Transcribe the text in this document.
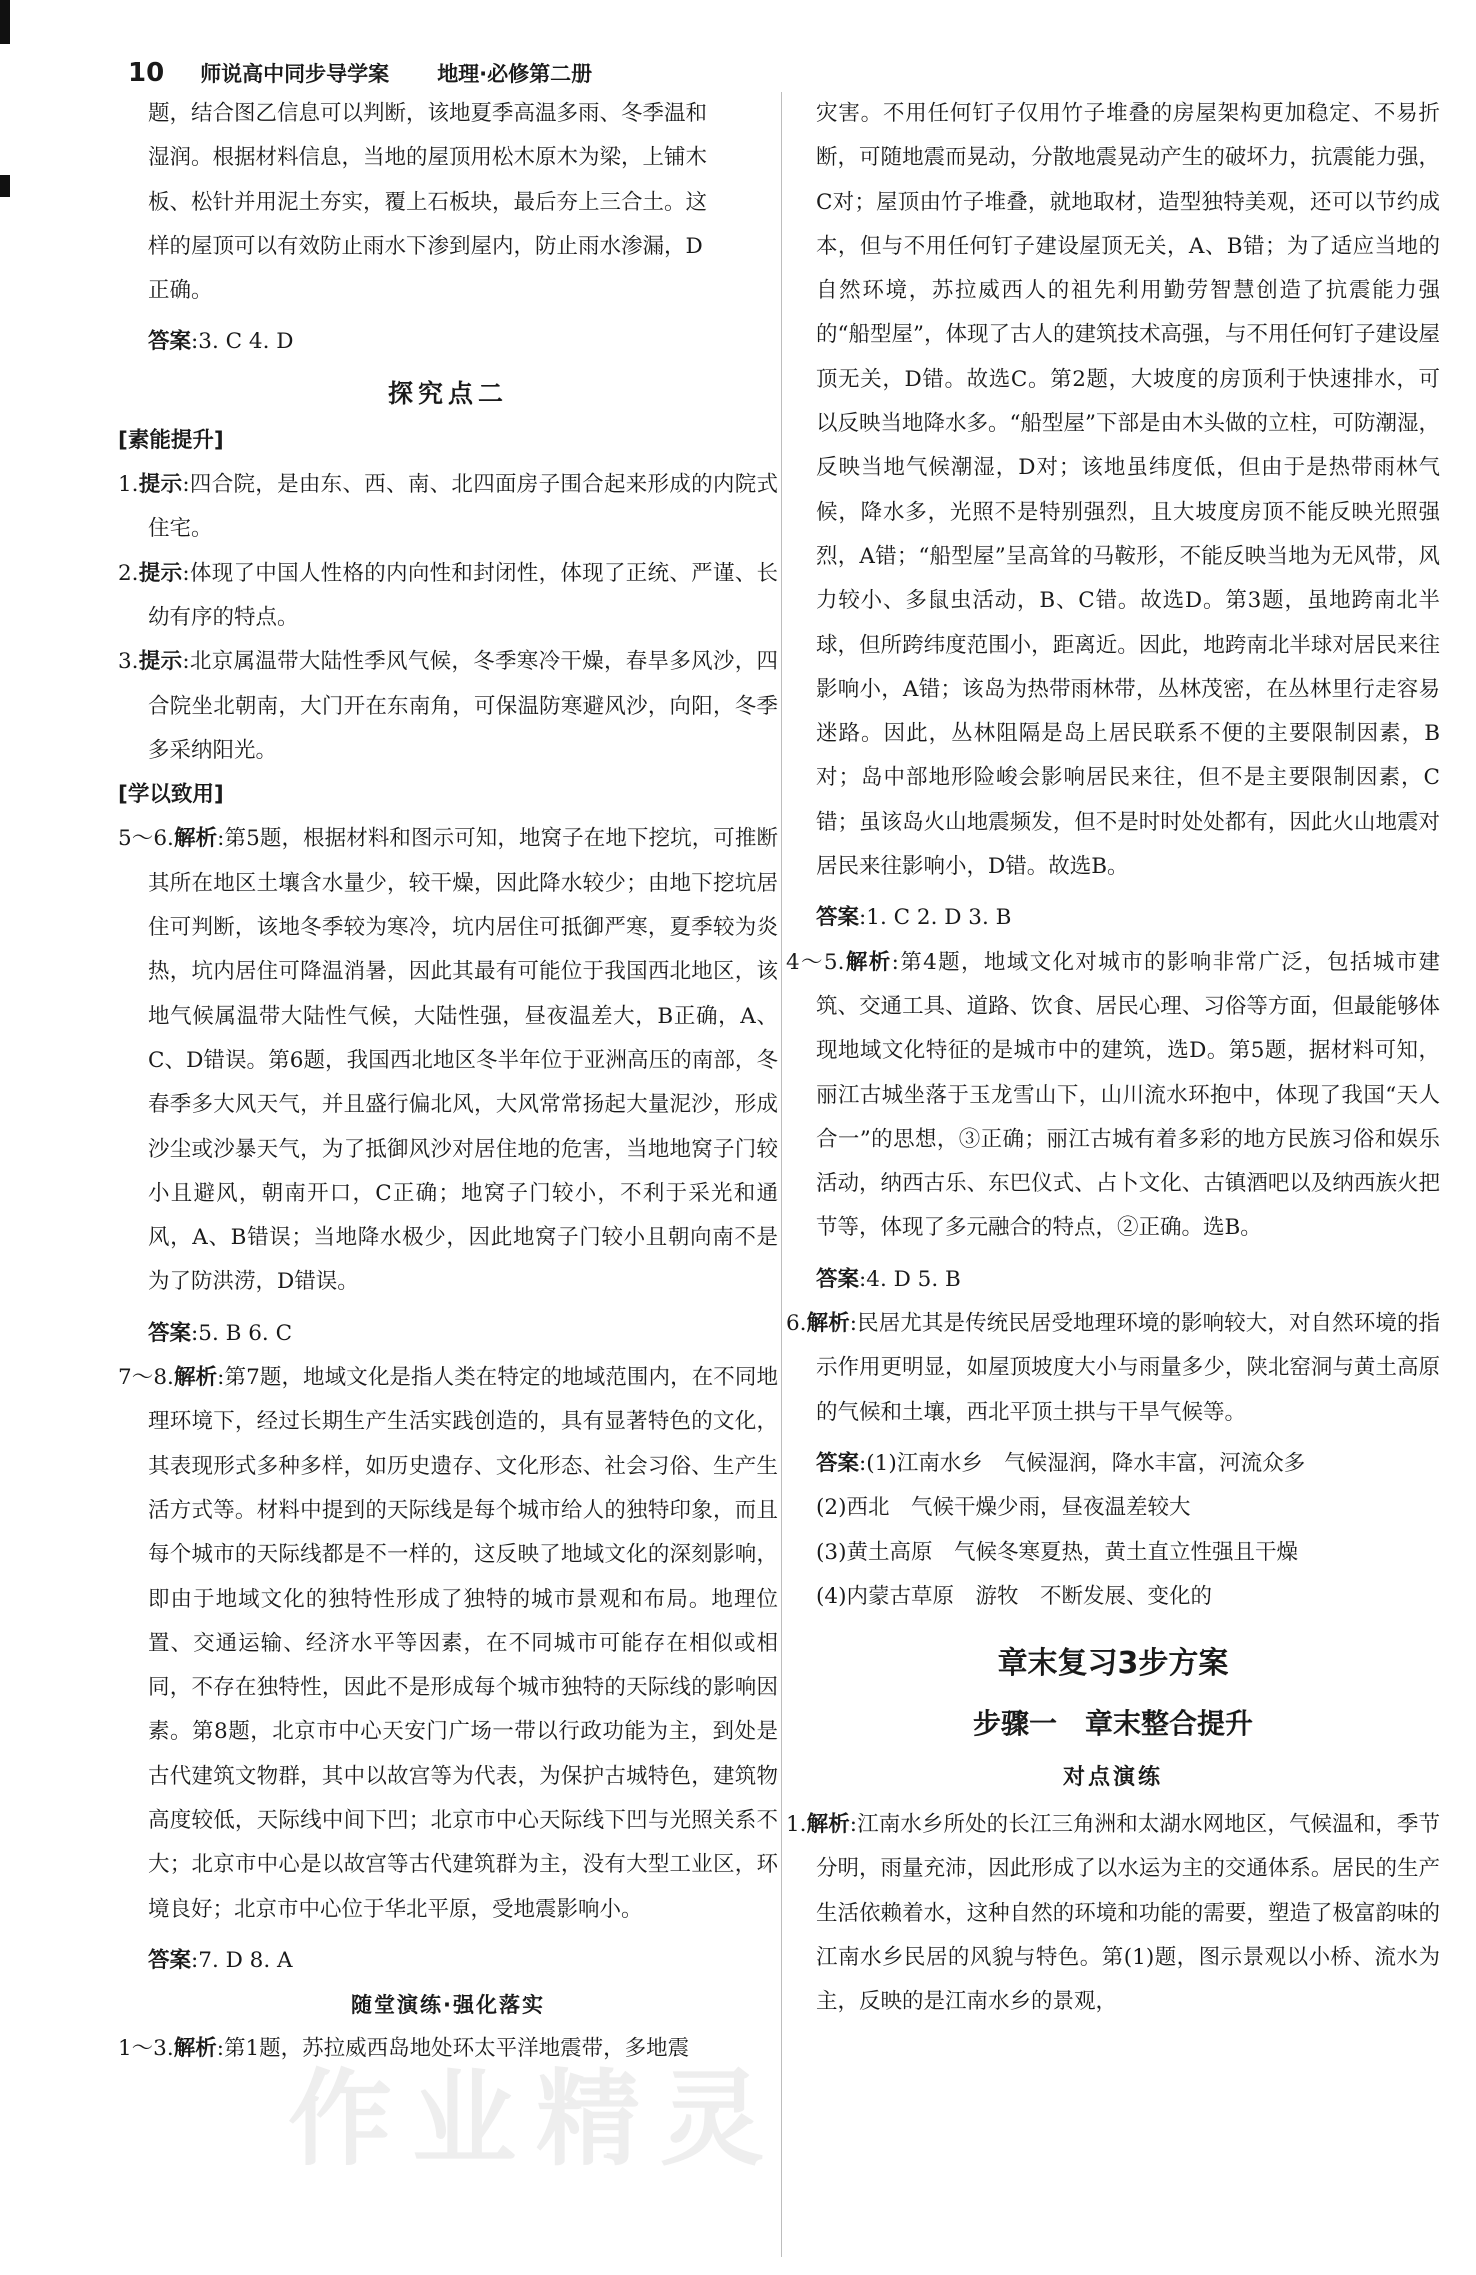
10 师说高中同步导学案 地理·必修第二册

题，结合图乙信息可以判断，该地夏季高温多雨、冬季温和

湿润。根据材料信息，当地的屋顶用松木原木为梁，上铺木

板、松针并用泥土夯实，覆上石板块，最后夯上三合土。这

样的屋顶可以有效防止雨水下渗到屋内，防止雨水渗漏，D

正确。

答案:3. C 4. D

探究点二
[素能提升]

1.提示:四合院，是由东、西、南、北四面房子围合起来形成的内院式住宅。

2.提示:体现了中国人性格的内向性和封闭性，体现了正统、严谨、长幼有序的特点。

3.提示:北京属温带大陆性季风气候，冬季寒冷干燥，春旱多风沙，四合院坐北朝南，大门开在东南角，可保温防寒避风沙，向阳，冬季多采纳阳光。

[学以致用]

5～6.解析:第5题，根据材料和图示可知，地窝子在地下挖坑，可推断其所在地区土壤含水量少，较干燥，因此降水较少；由地下挖坑居住可判断，该地冬季较为寒冷，坑内居住可抵御严寒，夏季较为炎热，坑内居住可降温消暑，因此其最有可能位于我国西北地区，该地气候属温带大陆性气候，大陆性强，昼夜温差大，B正确，A、C、D错误。第6题，我国西北地区冬半年位于亚洲高压的南部，冬春季多大风天气，并且盛行偏北风，大风常常扬起大量泥沙，形成沙尘或沙暴天气，为了抵御风沙对居住地的危害，当地地窝子门较小且避风，朝南开口，C正确；地窝子门较小，不利于采光和通风，A、B错误；当地降水极少，因此地窝子门较小且朝向南不是为了防洪涝，D错误。

答案:5. B 6. C

7～8.解析:第7题，地域文化是指人类在特定的地域范围内，在不同地理环境下，经过长期生产生活实践创造的，具有显著特色的文化，其表现形式多种多样，如历史遗存、文化形态、社会习俗、生产生活方式等。材料中提到的天际线是每个城市给人的独特印象，而且每个城市的天际线都是不一样的，这反映了地域文化的深刻影响，即由于地域文化的独特性形成了独特的城市景观和布局。地理位置、交通运输、经济水平等因素，在不同城市可能存在相似或相同，不存在独特性，因此不是形成每个城市独特的天际线的影响因素。第8题，北京市中心天安门广场一带以行政功能为主，到处是古代建筑文物群，其中以故宫等为代表，为保护古城特色，建筑物高度较低，天际线中间下凹；北京市中心天际线下凹与光照关系不大；北京市中心是以故宫等古代建筑群为主，没有大型工业区，环境良好；北京市中心位于华北平原，受地震影响小。

答案:7. D 8. A

随堂演练·强化落实

1～3.解析:第1题，苏拉威西岛地处环太平洋地震带，多地震

灾害。不用任何钉子仅用竹子堆叠的房屋架构更加稳定、不易折断，可随地震而晃动，分散地震晃动产生的破坏力，抗震能力强，C对；屋顶由竹子堆叠，就地取材，造型独特美观，还可以节约成本，但与不用任何钉子建设屋顶无关，A、B错；为了适应当地的自然环境，苏拉威西人的祖先利用勤劳智慧创造了抗震能力强的“船型屋”，体现了古人的建筑技术高强，与不用任何钉子建设屋顶无关，D错。故选C。第2题，大坡度的房顶利于快速排水，可以反映当地降水多。“船型屋”下部是由木头做的立柱，可防潮湿，反映当地气候潮湿，D对；该地虽纬度低，但由于是热带雨林气候，降水多，光照不是特别强烈，且大坡度房顶不能反映光照强烈，A错；“船型屋”呈高耸的马鞍形，不能反映当地为无风带，风力较小、多鼠虫活动，B、C错。故选D。第3题，虽地跨南北半球，但所跨纬度范围小，距离近。因此，地跨南北半球对居民来往影响小，A错；该岛为热带雨林带，丛林茂密，在丛林里行走容易迷路。因此，丛林阻隔是岛上居民联系不便的主要限制因素，B对；岛中部地形险峻会影响居民来往，但不是主要限制因素，C错；虽该岛火山地震频发，但不是时时处处都有，因此火山地震对居民来往影响小，D错。故选B。

答案:1. C 2. D 3. B

4～5.解析:第4题，地域文化对城市的影响非常广泛，包括城市建筑、交通工具、道路、饮食、居民心理、习俗等方面，但最能够体现地域文化特征的是城市中的建筑，选D。第5题，据材料可知，丽江古城坐落于玉龙雪山下，山川流水环抱中，体现了我国“天人合一”的思想，③正确；丽江古城有着多彩的地方民族习俗和娱乐活动，纳西古乐、东巴仪式、占卜文化、古镇酒吧以及纳西族火把节等，体现了多元融合的特点，②正确。选B。

答案:4. D 5. B

6.解析:民居尤其是传统民居受地理环境的影响较大，对自然环境的指示作用更明显，如屋顶坡度大小与雨量多少，陕北窑洞与黄土高原的气候和土壤，西北平顶土拱与干旱气候等。

答案:(1)江南水乡　气候湿润，降水丰富，河流众多

(2)西北　气候干燥少雨，昼夜温差较大

(3)黄土高原　气候冬寒夏热，黄土直立性强且干燥

(4)内蒙古草原　游牧　不断发展、变化的

章末复习3步方案
步骤一　章末整合提升
对点演练

1.解析:江南水乡所处的长江三角洲和太湖水网地区，气候温和，季节分明，雨量充沛，因此形成了以水运为主的交通体系。居民的生产生活依赖着水，这种自然的环境和功能的需要，塑造了极富韵味的江南水乡民居的风貌与特色。第(1)题，图示景观以小桥、流水为主，反映的是江南水乡的景观，

作业精灵
